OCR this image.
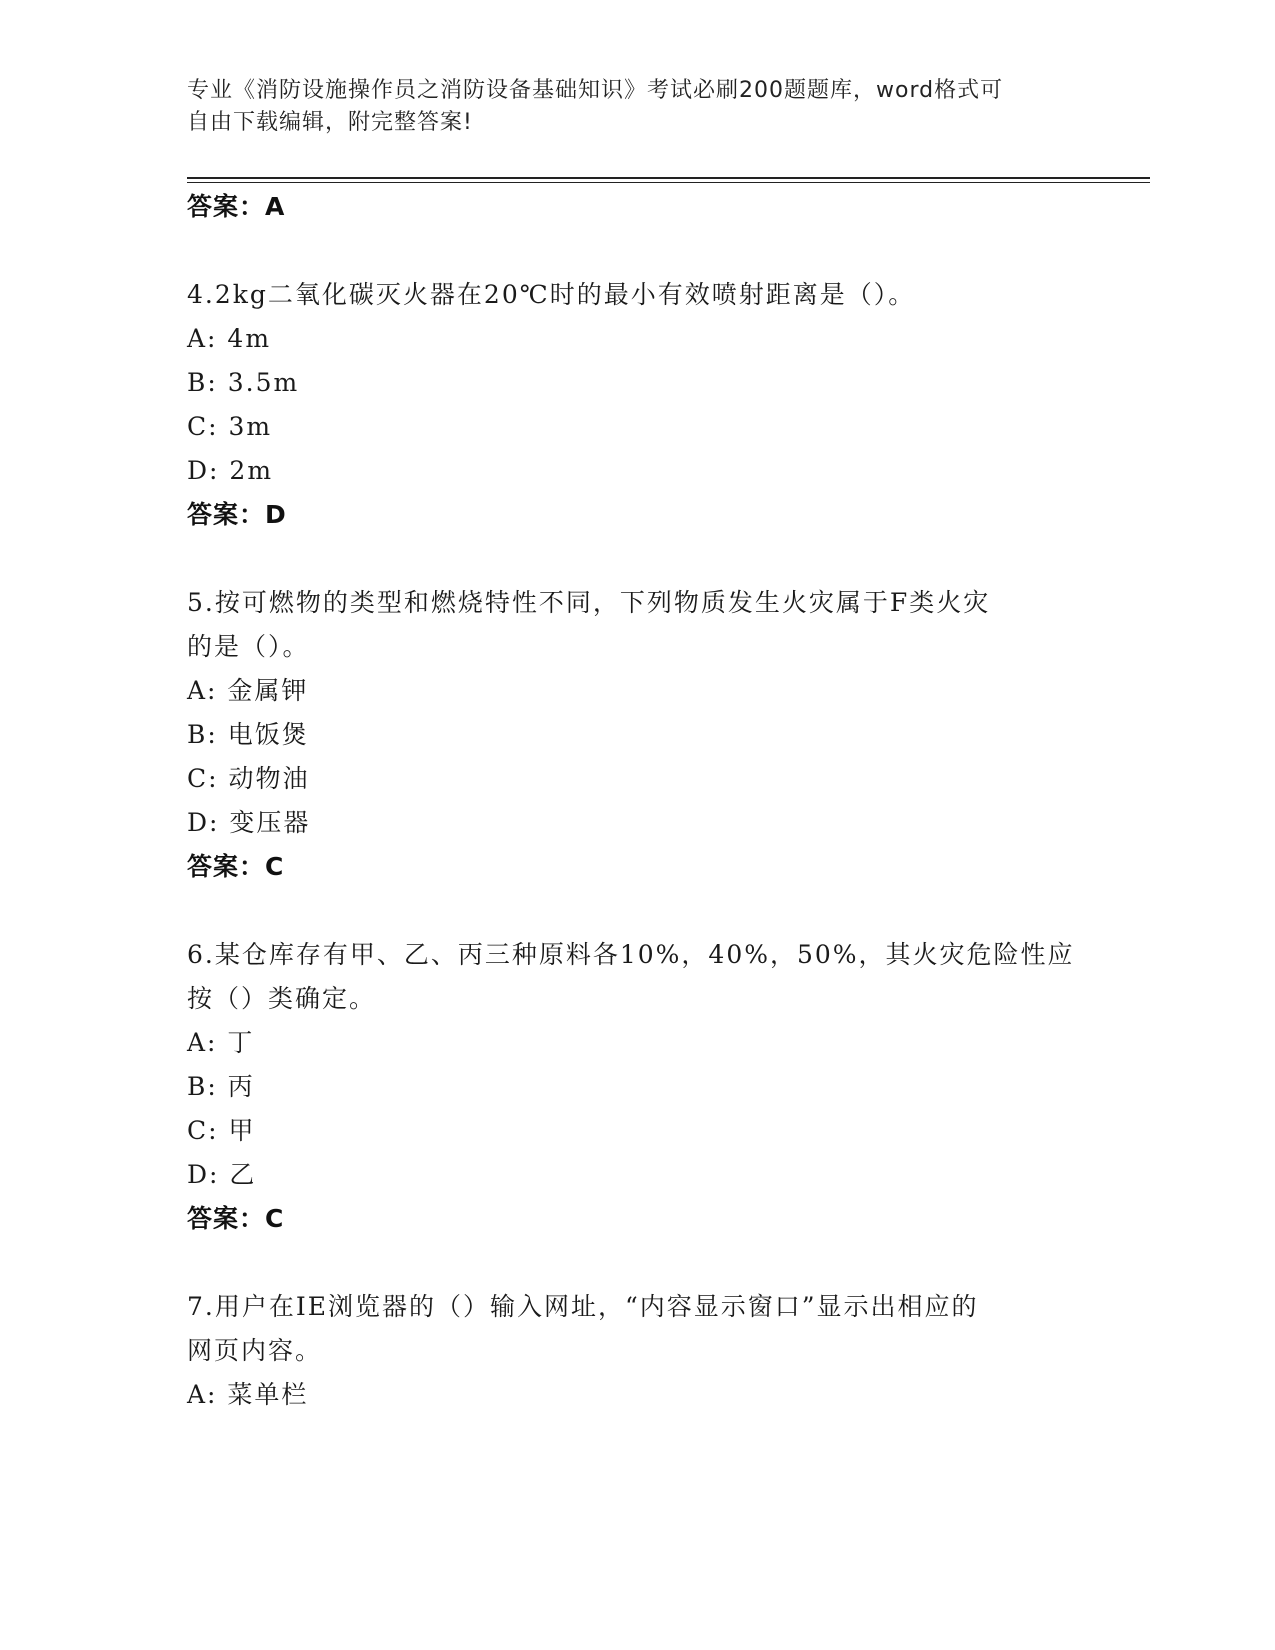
专业《消防设施操作员之消防设备基础知识》考试必刷200题题库，word格式可
自由下载编辑，附完整答案!
答案：A
4.2kg二氧化碳灭火器在20℃时的最小有效喷射距离是（）。
A: 4m
B: 3.5m
C: 3m
D: 2m
答案：D
5.按可燃物的类型和燃烧特性不同，下列物质发生火灾属于F类火灾
的是（）。
A: 金属钾
B: 电饭煲
C: 动物油
D: 变压器
答案：C
6.某仓库存有甲、乙、丙三种原料各10%，40%，50%，其火灾危险性应
按（）类确定。
A: 丁
B: 丙
C: 甲
D: 乙
答案：C
7.用户在IE浏览器的（）输入网址，“内容显示窗口”显示出相应的
网页内容。
A: 菜单栏
